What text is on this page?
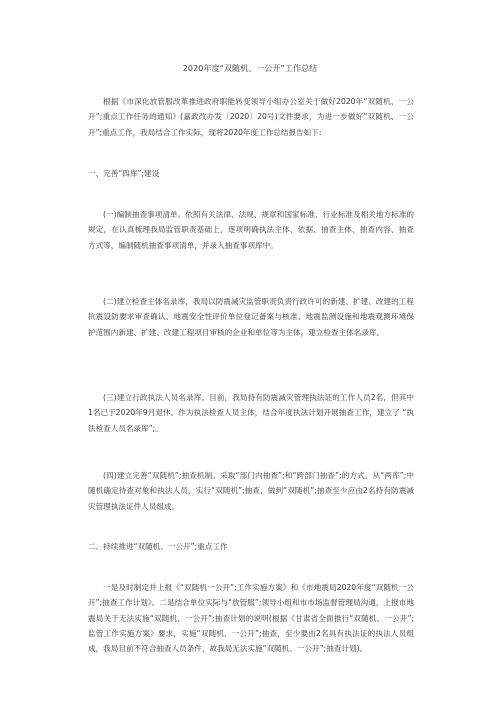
2020年度“双随机、一公开”工作总结
根据《市深化放管服改革推进政府职能转变领导小组办公室关于做好2020年“双随机、一公开”;重点工作任务的通知》(嘉政改办发〔2020〕20号)文件要求，为进一步做好“双随机、一公开”;重点工作，我局结合工作实际，现将2020年度工作总结报告如下:
一、完善“四库”;建设
(一)编制抽查事项清单。依照有关法律、法规、规章和国家标准、行业标准及相关地方标准的规定，在认真梳理我局监管职责基础上，逐项明确执法主体、依据、抽查主体、抽查内容、抽查方式等，编制随机抽查事项清单，并录入抽查事项库中。
(二)建立检查主体名录库，我局以防震减灾监管职责负责行政许可的新建、扩建、改建的工程抗震设防要求审查确认、地震安全性评价单位登记备案与核准、地震监测设施和地震观测环境保护范围内新建、扩建、改建工程项目审核的企业和单位等为主体，建立检查主体名录库。
(三)建立行政执法人员名录库。目前，我局持有防震减灾管理执法证的工作人员2名，但其中1名已于2020年9月退休。作为执法检查人员主体，结合年度执法计划开展抽查工作，建立了 “执法检查人员名录库”;。
(四)建立完善“双随机”;抽查机制。采取“部门内抽查”;和“跨部门抽查”;的方式，从“两库”;中随机确定待查对象和执法人员，实行“双随机”;抽查，做到“双随机”;抽查至少应由2名持有防震减灾管理执法证件人员组成。
二、持续推进“双随机、一公开”;重点工作
一是及时制定并上报《“双随机一公开”;工作实施方案》和《市地震局2020年度“双随机一公开”;抽查工作计划》。二是结合单位实际与“放管服”;领导小组和市市场监督管理局沟通，上报市地震局关于无法实施“双随机、一公开”;抽查计划的说明(根据《甘肃省全面推行“双随机、一公开”;监管工作实施方案》要求，实施“双随机、一公开”;抽查，至少要由2名具有执法证的执法人员组成，我局目前不符合抽查人员条件，故我局无法实施“双随机、一公开”;抽查计划)。
